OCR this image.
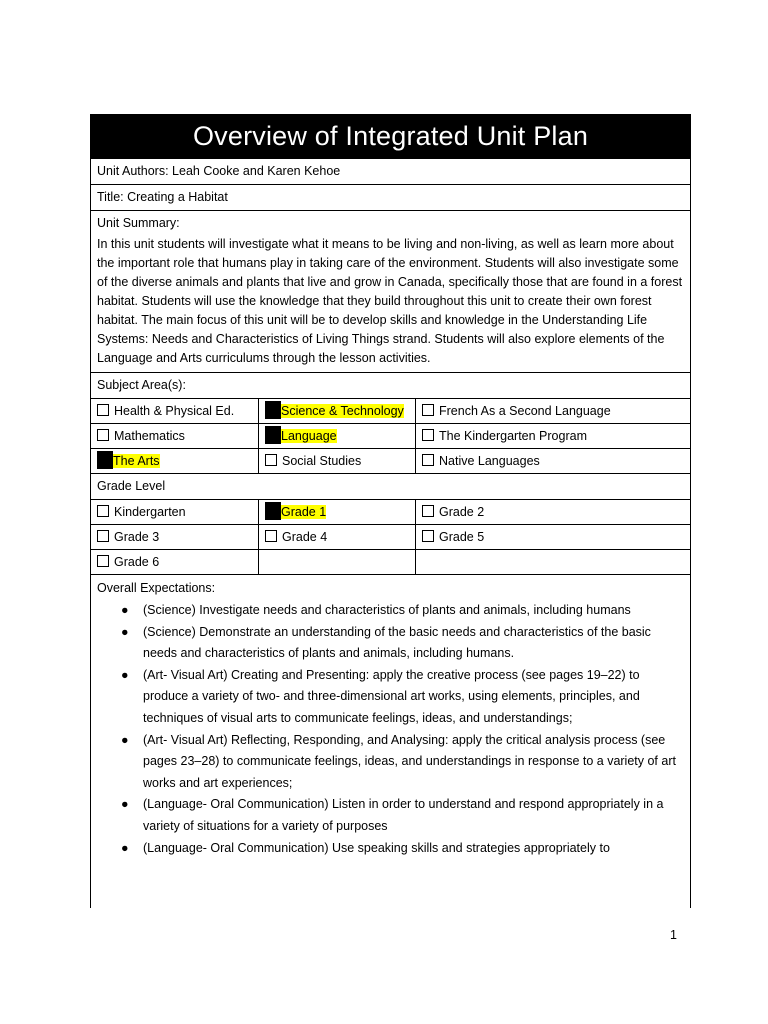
Overview of Integrated Unit Plan
Unit Authors: Leah Cooke and Karen Kehoe
Title: Creating a Habitat
Unit Summary:
In this unit students will investigate what it means to be living and non-living, as well as learn more about the important role that humans play in taking care of the environment. Students will also investigate some of the diverse animals and plants that live and grow in Canada, specifically those that are found in a forest habitat. Students will use the knowledge that they build throughout this unit to create their own forest habitat. The main focus of this unit will be to develop skills and knowledge in the Understanding Life Systems: Needs and Characteristics of Living Things strand. Students will also explore elements of the Language and Arts curriculums through the lesson activities.
Subject Area(s):
Health & Physical Ed.	Science & Technology	French As a Second Language
Mathematics	Language	The Kindergarten Program
The Arts	Social Studies	Native Languages
Grade Level
Kindergarten	Grade 1	Grade 2
Grade 3	Grade 4	Grade 5
Grade 6
Overall Expectations:
● (Science) Investigate needs and characteristics of plants and animals, including humans
● (Science) Demonstrate an understanding of the basic needs and characteristics of the basic needs and characteristics of plants and animals, including humans.
● (Art- Visual Art) Creating and Presenting: apply the creative process (see pages 19–22) to produce a variety of two- and three-dimensional art works, using elements, principles, and techniques of visual arts to communicate feelings, ideas, and understandings;
● (Art- Visual Art) Reflecting, Responding, and Analysing: apply the critical analysis process (see pages 23–28) to communicate feelings, ideas, and understandings in response to a variety of art works and art experiences;
● (Language- Oral Communication) Listen in order to understand and respond appropriately in a variety of situations for a variety of purposes
● (Language- Oral Communication) Use speaking skills and strategies appropriately to
1
